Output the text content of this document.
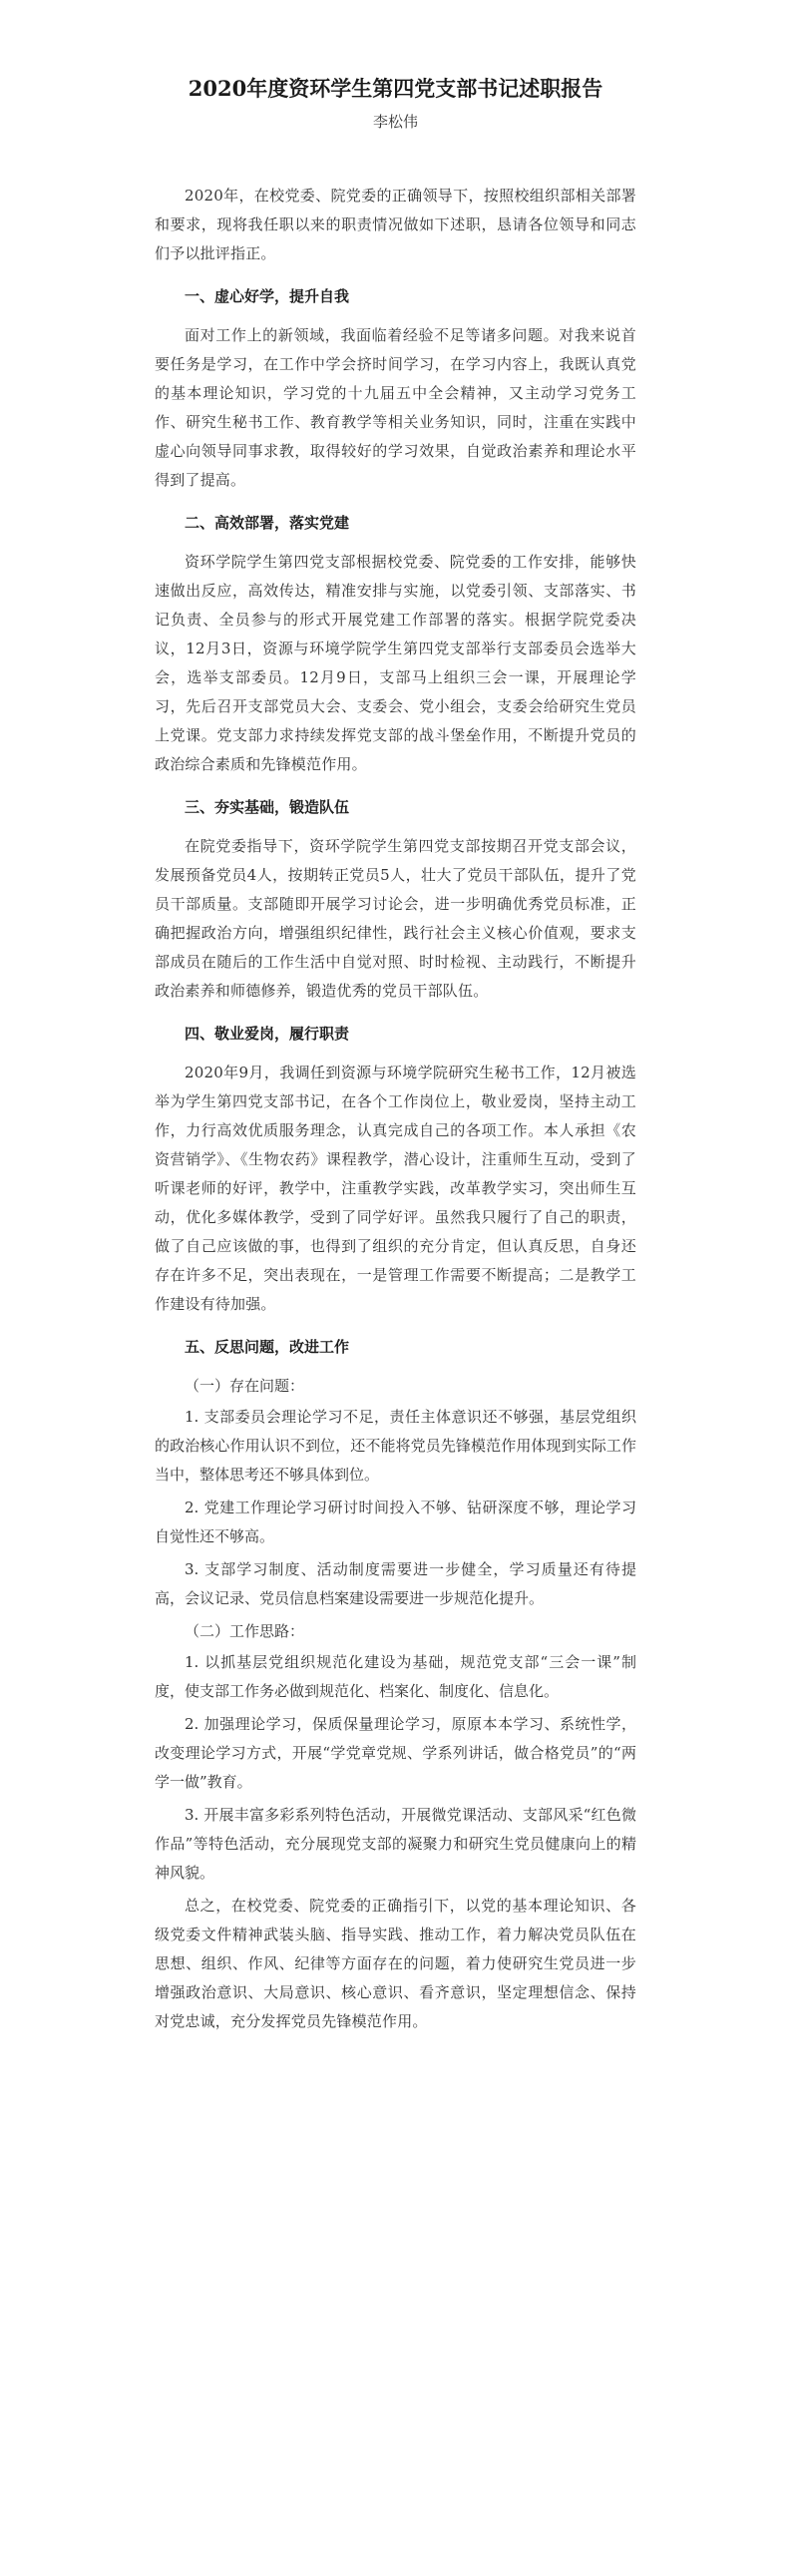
2020年度资环学生第四党支部书记述职报告
李松伟

2020年，在校党委、院党委的正确领导下，按照校组织部相关部署和要求，现将我任职以来的职责情况做如下述职，恳请各位领导和同志们予以批评指正。

一、虚心好学，提升自我

面对工作上的新领域，我面临着经验不足等诸多问题。对我来说首要任务是学习，在工作中学会挤时间学习，在学习内容上，我既认真党的基本理论知识，学习党的十九届五中全会精神，又主动学习党务工作、研究生秘书工作、教育教学等相关业务知识，同时，注重在实践中虚心向领导同事求教，取得较好的学习效果，自觉政治素养和理论水平得到了提高。

二、高效部署，落实党建

资环学院学生第四党支部根据校党委、院党委的工作安排，能够快速做出反应，高效传达，精准安排与实施，以党委引领、支部落实、书记负责、全员参与的形式开展党建工作部署的落实。根据学院党委决议，12月3日，资源与环境学院学生第四党支部举行支部委员会选举大会，选举支部委员。12月9日，支部马上组织三会一课，开展理论学习，先后召开支部党员大会、支委会、党小组会，支委会给研究生党员上党课。党支部力求持续发挥党支部的战斗堡垒作用，不断提升党员的政治综合素质和先锋模范作用。

三、夯实基础，锻造队伍

在院党委指导下，资环学院学生第四党支部按期召开党支部会议，发展预备党员4人，按期转正党员5人，壮大了党员干部队伍，提升了党员干部质量。支部随即开展学习讨论会，进一步明确优秀党员标准，正确把握政治方向，增强组织纪律性，践行社会主义核心价值观，要求支部成员在随后的工作生活中自觉对照、时时检视、主动践行，不断提升政治素养和师德修养，锻造优秀的党员干部队伍。

四、敬业爱岗，履行职责

2020年9月，我调任到资源与环境学院研究生秘书工作，12月被选举为学生第四党支部书记，在各个工作岗位上，敬业爱岗，坚持主动工作，力行高效优质服务理念，认真完成自己的各项工作。本人承担《农资营销学》、《生物农药》课程教学，潜心设计，注重师生互动，受到了听课老师的好评，教学中，注重教学实践，改革教学实习，突出师生互动，优化多媒体教学，受到了同学好评。虽然我只履行了自己的职责，做了自己应该做的事，也得到了组织的充分肯定，但认真反思，自身还存在许多不足，突出表现在，一是管理工作需要不断提高；二是教学工作建设有待加强。

五、反思问题，改进工作
（一）存在问题：

1. 支部委员会理论学习不足，责任主体意识还不够强，基层党组织的政治核心作用认识不到位，还不能将党员先锋模范作用体现到实际工作当中，整体思考还不够具体到位。

2. 党建工作理论学习研讨时间投入不够、钻研深度不够，理论学习自觉性还不够高。

3. 支部学习制度、活动制度需要进一步健全，学习质量还有待提高，会议记录、党员信息档案建设需要进一步规范化提升。

（二）工作思路：

1. 以抓基层党组织规范化建设为基础，规范党支部“三会一课”制度，使支部工作务必做到规范化、档案化、制度化、信息化。

2. 加强理论学习，保质保量理论学习，原原本本学习、系统性学，改变理论学习方式，开展“学党章党规、学系列讲话，做合格党员”的“两学一做”教育。

3. 开展丰富多彩系列特色活动，开展微党课活动、支部风采“红色微作品”等特色活动，充分展现党支部的凝聚力和研究生党员健康向上的精神风貌。

总之，在校党委、院党委的正确指引下，以党的基本理论知识、各级党委文件精神武装头脑、指导实践、推动工作，着力解决党员队伍在思想、组织、作风、纪律等方面存在的问题，着力使研究生党员进一步增强政治意识、大局意识、核心意识、看齐意识，坚定理想信念、保持对党忠诚，充分发挥党员先锋模范作用。
